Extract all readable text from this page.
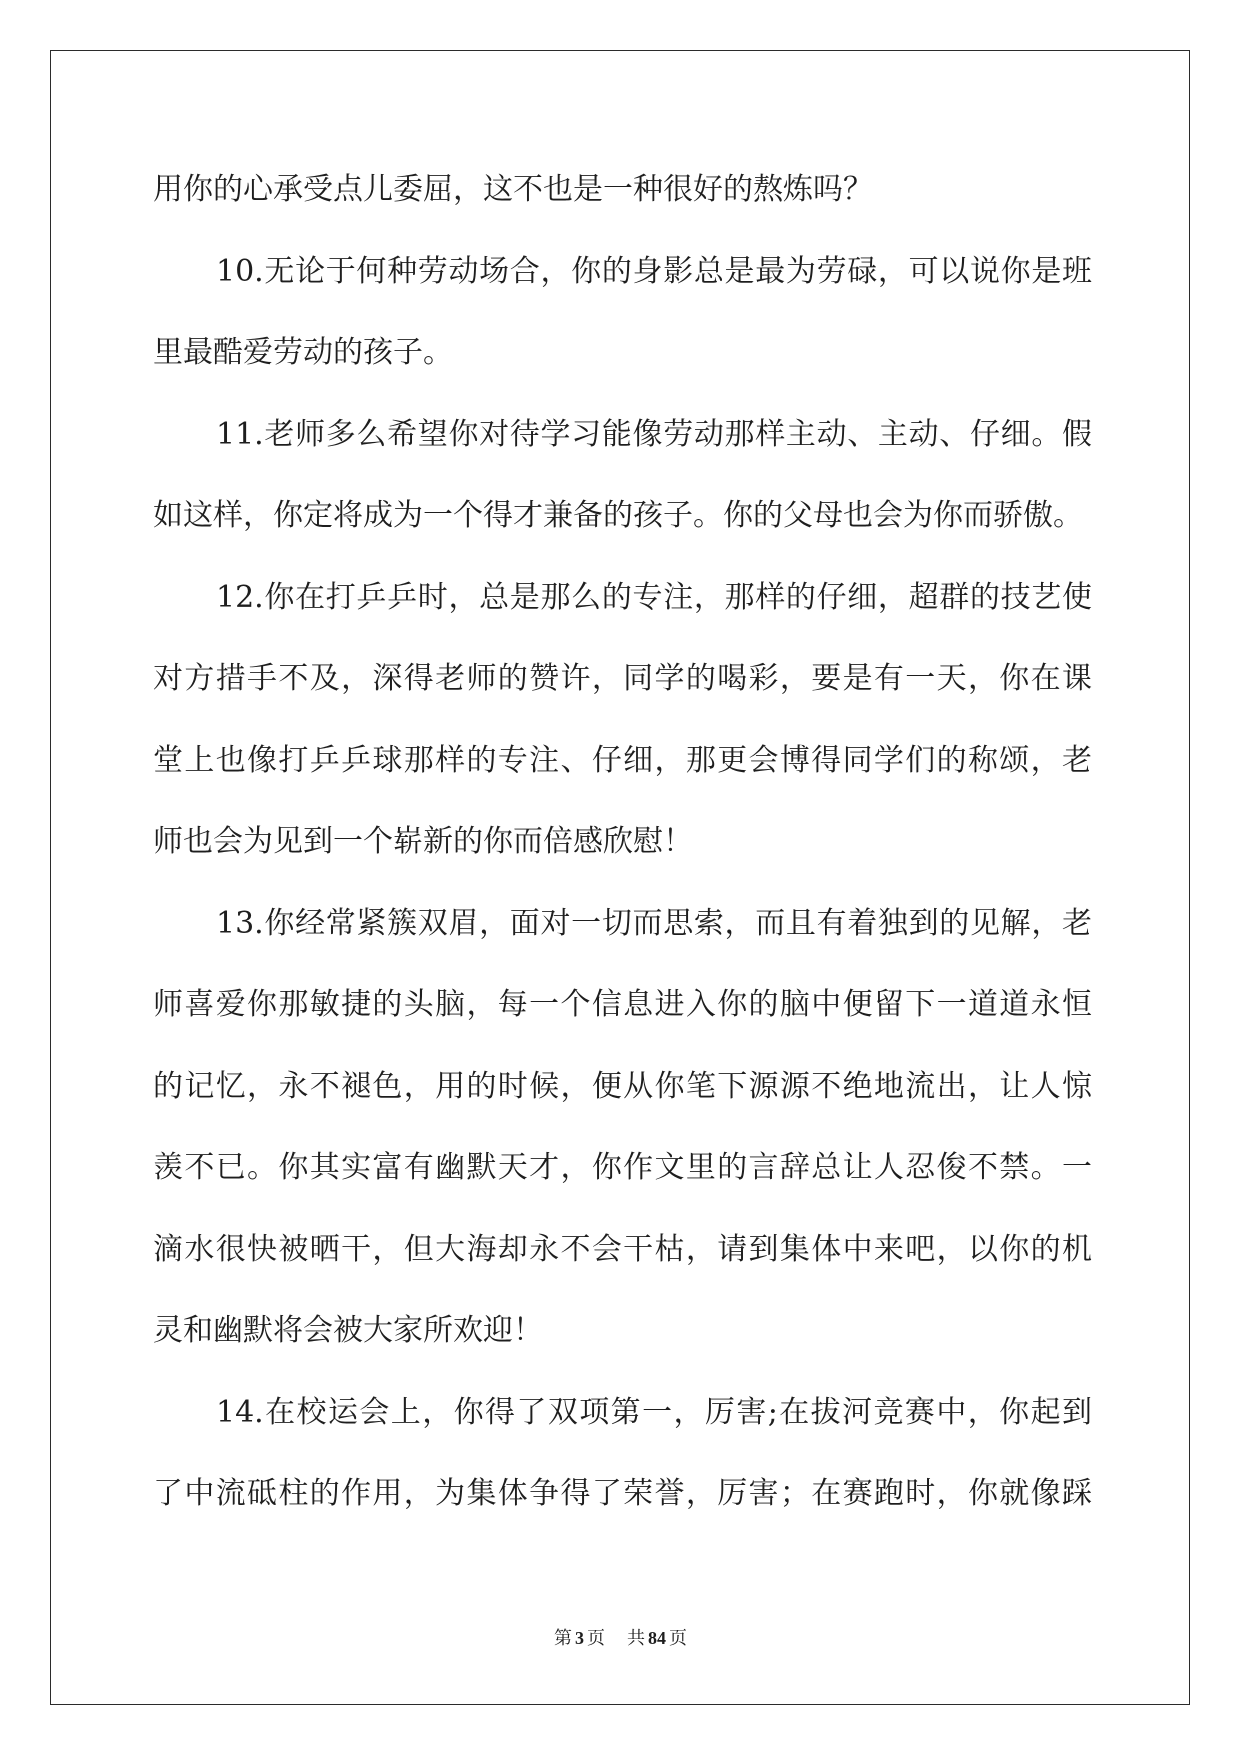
用你的心承受点儿委屈，这不也是一种很好的熬炼吗？
10.无论于何种劳动场合，你的身影总是最为劳碌，可以说你是班
里最酷爱劳动的孩子。
11.老师多么希望你对待学习能像劳动那样主动、主动、仔细。假
如这样，你定将成为一个得才兼备的孩子。你的父母也会为你而骄傲。
12.你在打乒乒时，总是那么的专注，那样的仔细，超群的技艺使
对方措手不及，深得老师的赞许，同学的喝彩，要是有一天，你在课
堂上也像打乒乒球那样的专注、仔细，那更会博得同学们的称颂，老
师也会为见到一个崭新的你而倍感欣慰！
13.你经常紧簇双眉，面对一切而思索，而且有着独到的见解，老
师喜爱你那敏捷的头脑，每一个信息进入你的脑中便留下一道道永恒
的记忆，永不褪色，用的时候，便从你笔下源源不绝地流出，让人惊
羡不已。你其实富有幽默天才，你作文里的言辞总让人忍俊不禁。一
滴水很快被晒干，但大海却永不会干枯，请到集体中来吧，以你的机
灵和幽默将会被大家所欢迎！
14.在校运会上，你得了双项第一，厉害;在拔河竞赛中，你起到
了中流砥柱的作用，为集体争得了荣誉，厉害；在赛跑时，你就像踩
第 3 页 共 84 页
